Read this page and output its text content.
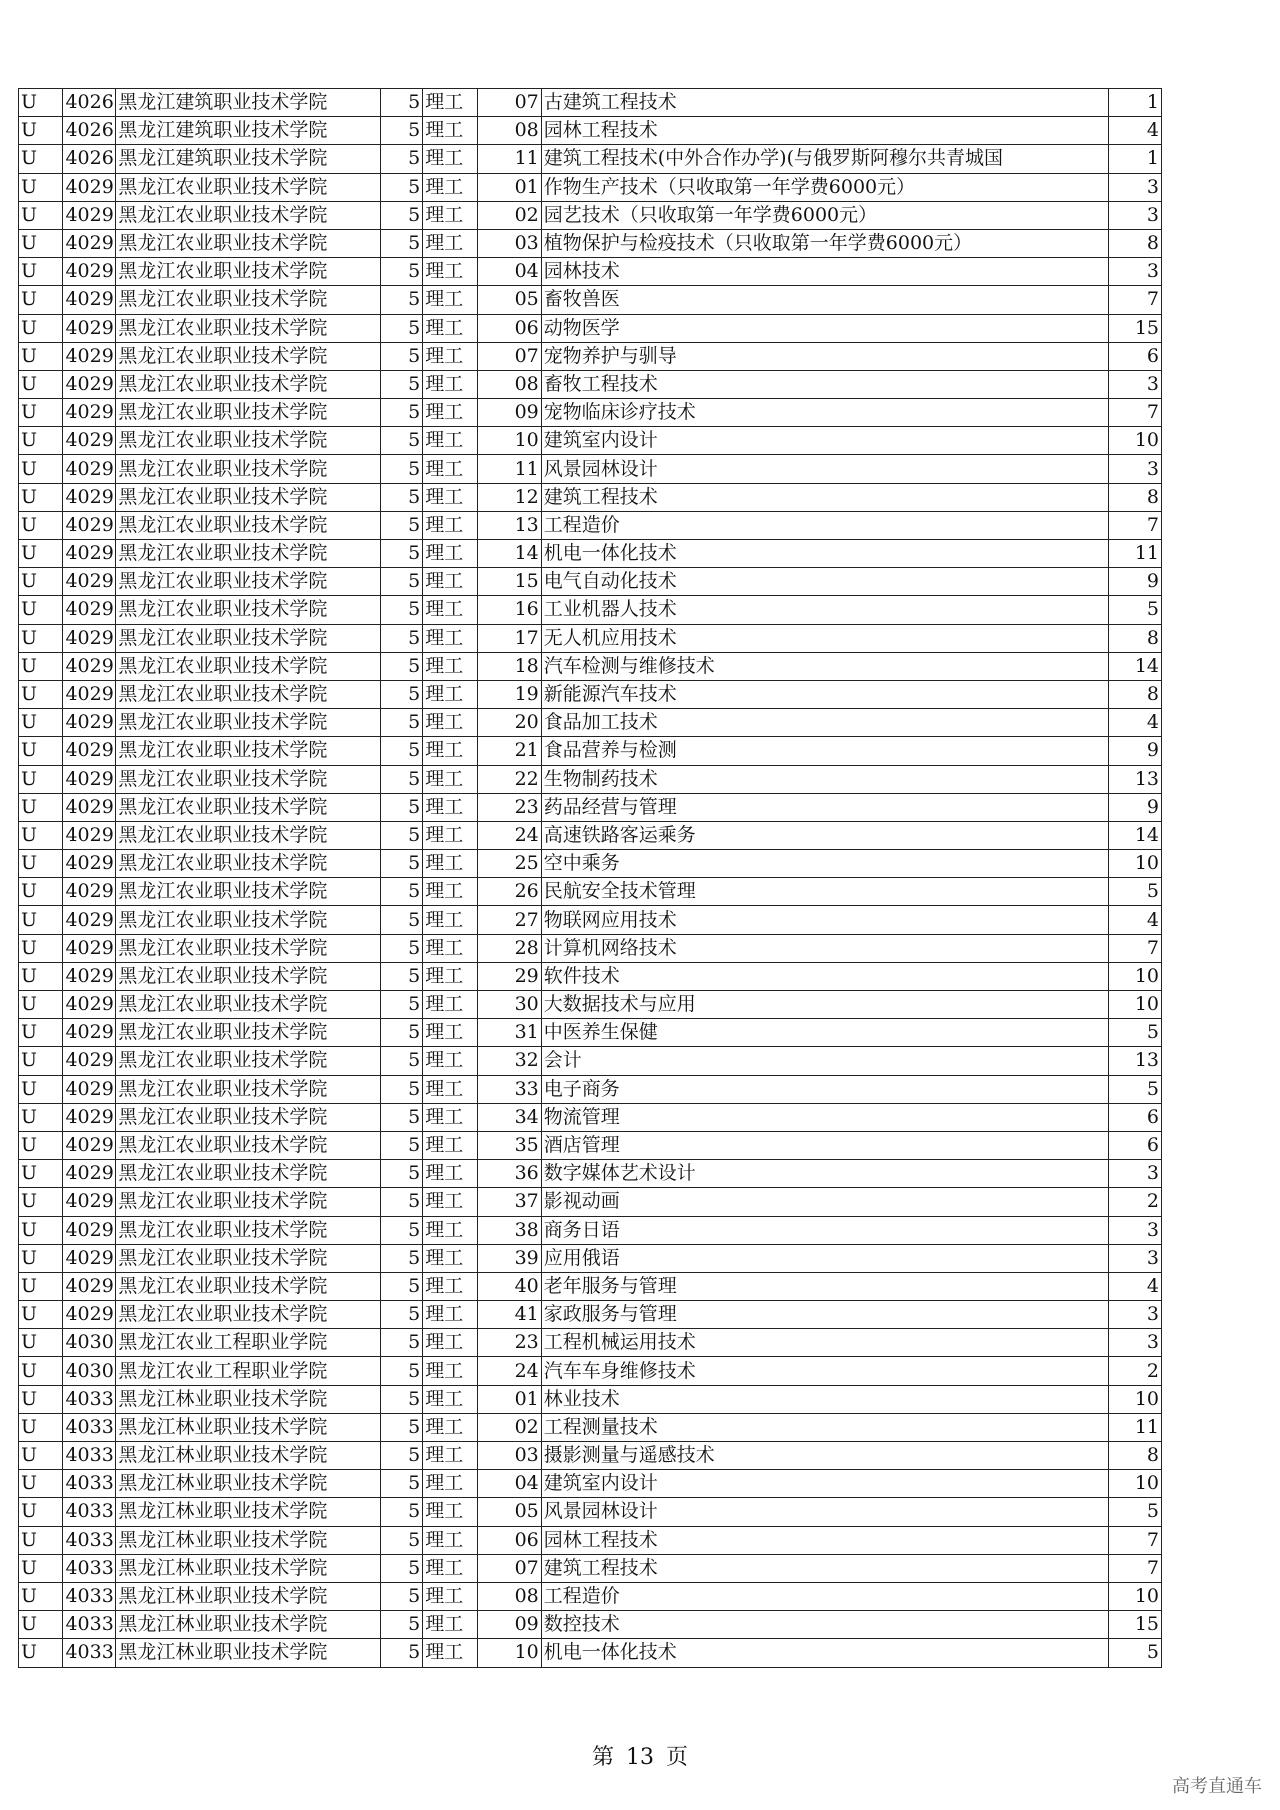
U	4026	黑龙江建筑职业技术学院	5	理工	07	古建筑工程技术	1
U	4026	黑龙江建筑职业技术学院	5	理工	08	园林工程技术	4
U	4026	黑龙江建筑职业技术学院	5	理工	11	建筑工程技术(中外合作办学)(与俄罗斯阿穆尔共青城国	1
U	4029	黑龙江农业职业技术学院	5	理工	01	作物生产技术（只收取第一年学费6000元）	3
U	4029	黑龙江农业职业技术学院	5	理工	02	园艺技术（只收取第一年学费6000元）	3
U	4029	黑龙江农业职业技术学院	5	理工	03	植物保护与检疫技术（只收取第一年学费6000元）	8
U	4029	黑龙江农业职业技术学院	5	理工	04	园林技术	3
U	4029	黑龙江农业职业技术学院	5	理工	05	畜牧兽医	7
U	4029	黑龙江农业职业技术学院	5	理工	06	动物医学	15
U	4029	黑龙江农业职业技术学院	5	理工	07	宠物养护与驯导	6
U	4029	黑龙江农业职业技术学院	5	理工	08	畜牧工程技术	3
U	4029	黑龙江农业职业技术学院	5	理工	09	宠物临床诊疗技术	7
U	4029	黑龙江农业职业技术学院	5	理工	10	建筑室内设计	10
U	4029	黑龙江农业职业技术学院	5	理工	11	风景园林设计	3
U	4029	黑龙江农业职业技术学院	5	理工	12	建筑工程技术	8
U	4029	黑龙江农业职业技术学院	5	理工	13	工程造价	7
U	4029	黑龙江农业职业技术学院	5	理工	14	机电一体化技术	11
U	4029	黑龙江农业职业技术学院	5	理工	15	电气自动化技术	9
U	4029	黑龙江农业职业技术学院	5	理工	16	工业机器人技术	5
U	4029	黑龙江农业职业技术学院	5	理工	17	无人机应用技术	8
U	4029	黑龙江农业职业技术学院	5	理工	18	汽车检测与维修技术	14
U	4029	黑龙江农业职业技术学院	5	理工	19	新能源汽车技术	8
U	4029	黑龙江农业职业技术学院	5	理工	20	食品加工技术	4
U	4029	黑龙江农业职业技术学院	5	理工	21	食品营养与检测	9
U	4029	黑龙江农业职业技术学院	5	理工	22	生物制药技术	13
U	4029	黑龙江农业职业技术学院	5	理工	23	药品经营与管理	9
U	4029	黑龙江农业职业技术学院	5	理工	24	高速铁路客运乘务	14
U	4029	黑龙江农业职业技术学院	5	理工	25	空中乘务	10
U	4029	黑龙江农业职业技术学院	5	理工	26	民航安全技术管理	5
U	4029	黑龙江农业职业技术学院	5	理工	27	物联网应用技术	4
U	4029	黑龙江农业职业技术学院	5	理工	28	计算机网络技术	7
U	4029	黑龙江农业职业技术学院	5	理工	29	软件技术	10
U	4029	黑龙江农业职业技术学院	5	理工	30	大数据技术与应用	10
U	4029	黑龙江农业职业技术学院	5	理工	31	中医养生保健	5
U	4029	黑龙江农业职业技术学院	5	理工	32	会计	13
U	4029	黑龙江农业职业技术学院	5	理工	33	电子商务	5
U	4029	黑龙江农业职业技术学院	5	理工	34	物流管理	6
U	4029	黑龙江农业职业技术学院	5	理工	35	酒店管理	6
U	4029	黑龙江农业职业技术学院	5	理工	36	数字媒体艺术设计	3
U	4029	黑龙江农业职业技术学院	5	理工	37	影视动画	2
U	4029	黑龙江农业职业技术学院	5	理工	38	商务日语	3
U	4029	黑龙江农业职业技术学院	5	理工	39	应用俄语	3
U	4029	黑龙江农业职业技术学院	5	理工	40	老年服务与管理	4
U	4029	黑龙江农业职业技术学院	5	理工	41	家政服务与管理	3
U	4030	黑龙江农业工程职业学院	5	理工	23	工程机械运用技术	3
U	4030	黑龙江农业工程职业学院	5	理工	24	汽车车身维修技术	2
U	4033	黑龙江林业职业技术学院	5	理工	01	林业技术	10
U	4033	黑龙江林业职业技术学院	5	理工	02	工程测量技术	11
U	4033	黑龙江林业职业技术学院	5	理工	03	摄影测量与遥感技术	8
U	4033	黑龙江林业职业技术学院	5	理工	04	建筑室内设计	10
U	4033	黑龙江林业职业技术学院	5	理工	05	风景园林设计	5
U	4033	黑龙江林业职业技术学院	5	理工	06	园林工程技术	7
U	4033	黑龙江林业职业技术学院	5	理工	07	建筑工程技术	7
U	4033	黑龙江林业职业技术学院	5	理工	08	工程造价	10
U	4033	黑龙江林业职业技术学院	5	理工	09	数控技术	15
U	4033	黑龙江林业职业技术学院	5	理工	10	机电一体化技术	5
第 13 页
高考直通车
